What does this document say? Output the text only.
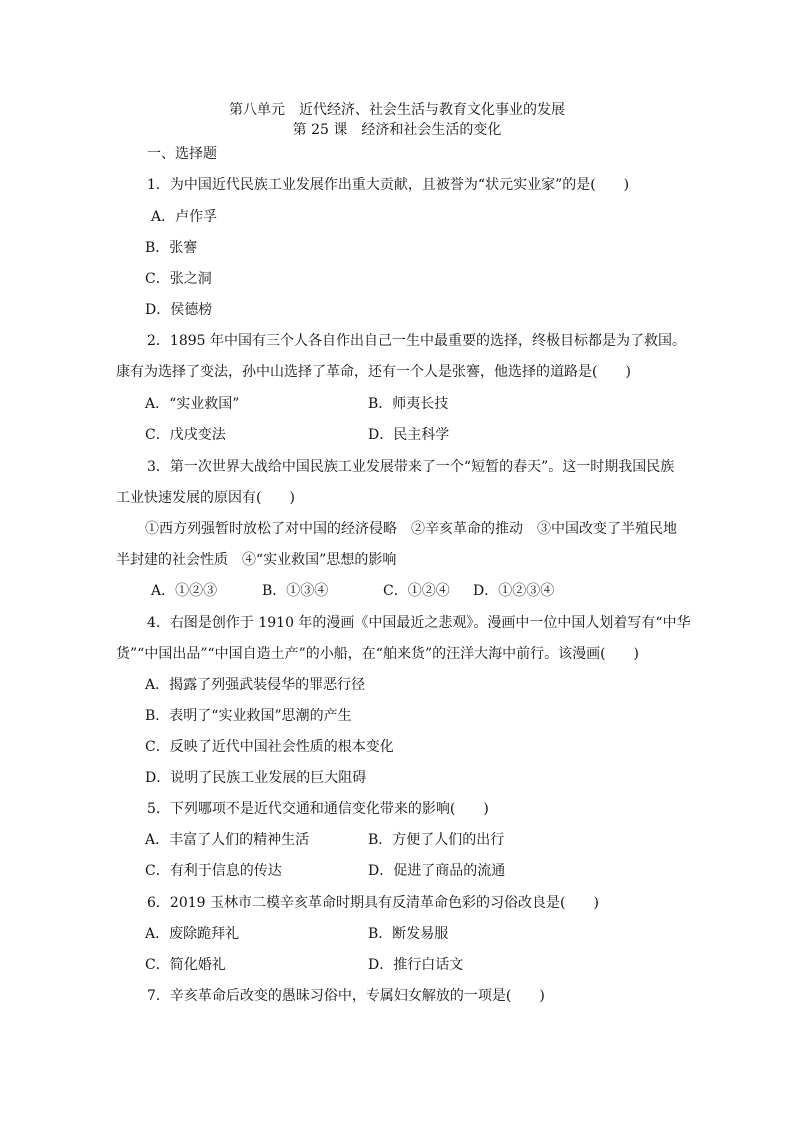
第八单元　近代经济、社会生活与教育文化事业的发展
第 25 课　经济和社会生活的变化
一、选择题
1．为中国近代民族工业发展作出重大贡献，且被誉为“状元实业家”的是(　　)
A．卢作孚
B．张謇
C．张之洞
D．侯德榜
2．1895 年中国有三个人各自作出自己一生中最重要的选择，终极目标都是为了救国。
康有为选择了变法，孙中山选择了革命，还有一个人是张謇，他选择的道路是(　　)
A．“实业救国”	B．师夷长技
C．戊戌变法	D．民主科学
3．第一次世界大战给中国民族工业发展带来了一个“短暂的春天”。这一时期我国民族
工业快速发展的原因有(　　)
①西方列强暂时放松了对中国的经济侵略　②辛亥革命的推动　③中国改变了半殖民地
半封建的社会性质　④“实业救国”思想的影响
A．①②③	B．①③④	C．①②④ D．①②③④
4．右图是创作于 1910 年的漫画《中国最近之悲观》。漫画中一位中国人划着写有“中华
货”“中国出品”“中国自造土产”的小船，在“舶来货”的汪洋大海中前行。该漫画(　　)
A．揭露了列强武装侵华的罪恶行径
B．表明了“实业救国”思潮的产生
C．反映了近代中国社会性质的根本变化
D．说明了民族工业发展的巨大阻碍
5．下列哪项不是近代交通和通信变化带来的影响(　　)
A．丰富了人们的精神生活	B．方便了人们的出行
C．有利于信息的传达	D．促进了商品的流通
6．2019 玉林市二模辛亥革命时期具有反清革命色彩的习俗改良是(　　)
A．废除跪拜礼	B．断发易服
C．简化婚礼	D．推行白话文
7．辛亥革命后改变的愚昧习俗中，专属妇女解放的一项是(　　)
